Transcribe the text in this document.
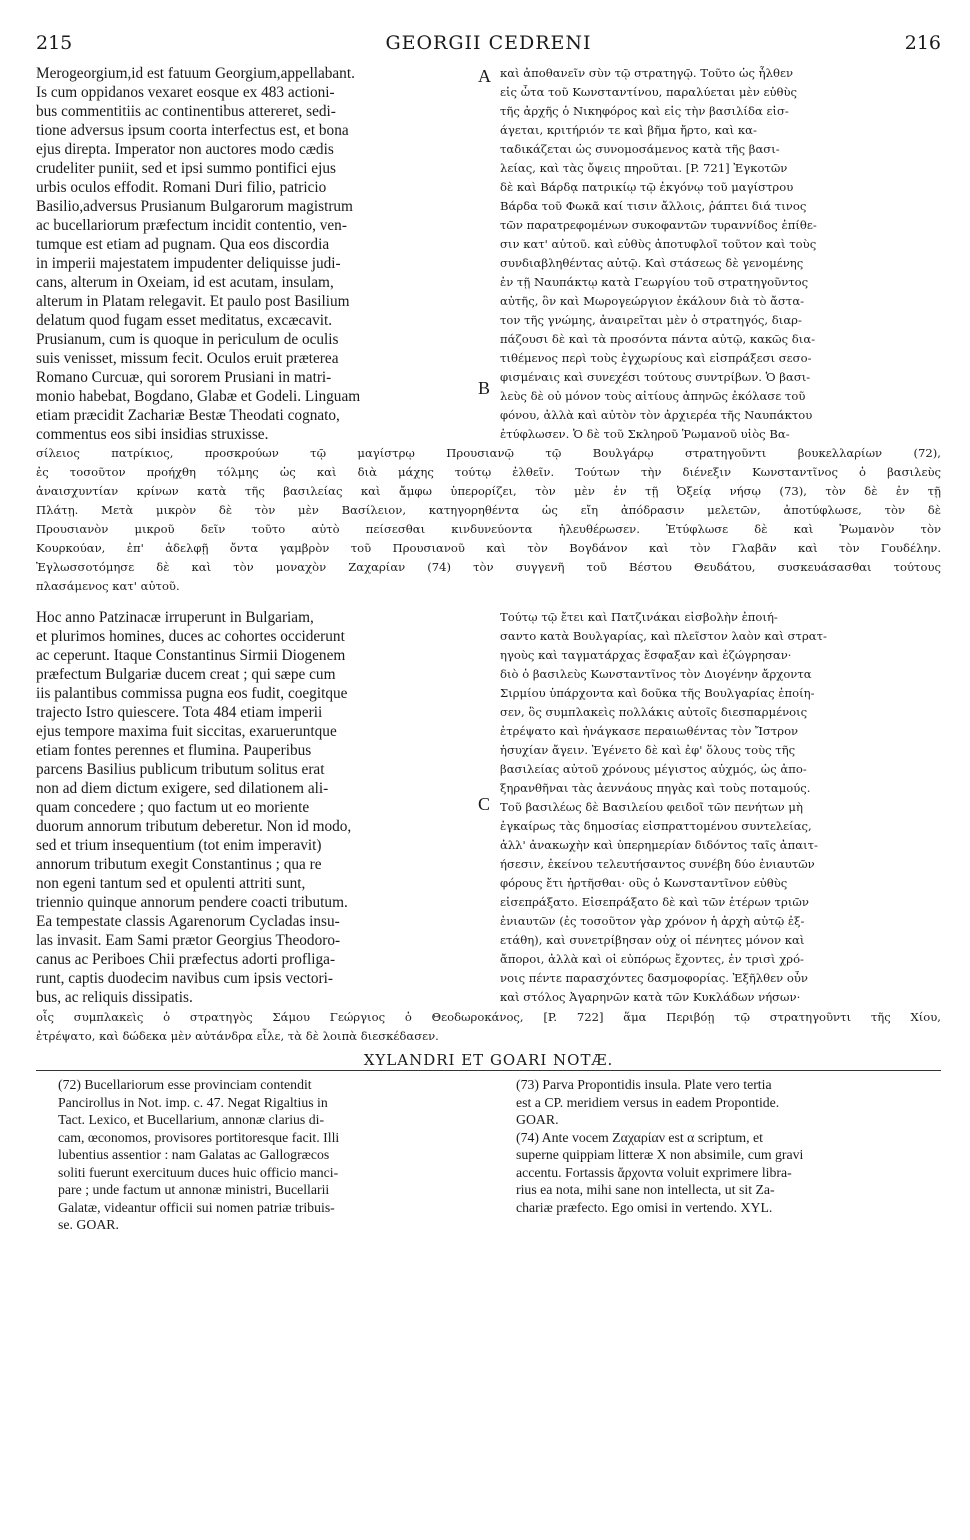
215	GEORGII CEDRENI	216
Merogeorgium,id est fatuum Georgium,appellabant.
Is cum oppidanos vexaret eosque ex 483 actioni-
bus commentitiis ac continentibus attereret, sedi-
tione adversus ipsum coorta interfectus est, et bona
ejus direpta. Imperator non auctores modo cædis
crudeliter puniit, sed et ipsi summo pontifici ejus
urbis oculos effodit. Romani Duri filio, patricio
Basilio,adversus Prusianum Bulgarorum magistrum
ac bucellariorum præfectum incidit contentio, ven-
tumque est etiam ad pugnam. Qua eos discordia
in imperii majestatem impudenter deliquisse judi-
cans, alterum in Oxeiam, id est acutam, insulam,
alterum in Platam relegavit. Et paulo post Basilium
delatum quod fugam esset meditatus, excæcavit.
Prusianum, cum is quoque in periculum de oculis
suis venisset, missum fecit. Oculos eruit præterea
Romano Curcuæ, qui sororem Prusiani in matri-
monio habebat, Bogdano, Glabæ et Godeli. Linguam
etiam præcidit Zachariæ Bestæ Theodati cognato,
commentus eos sibi insidias struxisse.
A καὶ ἀποθανεῖν σὺν τῷ στρατηγῷ. Τοῦτο ὡς ἦλθεν
εἰς ὦτα τοῦ Κωνσταντίνου, παραλύεται μὲν εὐθὺς
τῆς ἀρχῆς ὁ Νικηφόρος καὶ εἰς τὴν βασιλίδα εἰσ-
άγεται, κριτήριόν τε καὶ βῆμα ἤρτο, καὶ κα-
ταδικάζεται ὡς συνομοσάμενος κατὰ τῆς βασι-
λείας, καὶ τὰς ὄψεις πηροῦται. [P. 721] Ἐγκοτῶν
δὲ καὶ Βάρδᾳ πατρικίῳ τῷ ἐκγόνῳ τοῦ μαγίστρου
Βάρδα τοῦ Φωκᾶ καί τισιν ἄλλοις, ῥάπτει διά τινος
τῶν παρατρεφομένων συκοφαντῶν τυραννίδος ἐπίθε-
σιν κατ' αὐτοῦ. καὶ εὐθὺς ἀποτυφλοῖ τοῦτον καὶ τοὺς
συνδιαβληθέντας αὐτῷ. Καὶ στάσεως δὲ γενομένης
ἐν τῇ Ναυπάκτῳ κατὰ Γεωργίου τοῦ στρατηγοῦντος
αὐτῆς, ὃν καὶ Μωρογεώργιον ἐκάλουν διὰ τὸ ἄστα-
τον τῆς γνώμης, ἀναιρεῖται μὲν ὁ στρατηγός, διαρ-
πάζουσι δὲ καὶ τὰ προσόντα πάντα αὐτῷ, κακῶς δια-
τιθέμενος περὶ τοὺς ἐγχωρίους καὶ εἰσπράξεσι σεσο-
φισμέναις καὶ συνεχέσι τούτους συντρίβων. Ὁ βασι-
λεὺς δὲ οὐ μόνον τοὺς αἰτίους ἀπηνῶς ἐκόλασε τοῦ
φόνου, ἀλλὰ καὶ αὐτὸν τὸν ἀρχιερέα τῆς Ναυπάκτου
ἐτύφλωσεν. Ὁ δὲ τοῦ Σκληροῦ Ῥωμανοῦ υἱὸς Βα-
B
σίλειος πατρίκιος, προσκρούων τῷ μαγίστρῳ Προυσιανῷ τῷ Βουλγάρῳ στρατηγοῦντι βουκελλαρίων (72),
ἐς τοσοῦτον προήχθη τόλμης ὡς καὶ διὰ μάχης τούτῳ ἐλθεῖν. Τούτων τὴν διένεξιν Κωνσταντῖνος ὁ βασιλεὺς
ἀναισχυντίαν κρίνων κατὰ τῆς βασιλείας καὶ ἄμφω ὑπερορίζει, τὸν μὲν ἐν τῇ Ὀξείᾳ νήσῳ (73), τὸν δὲ ἐν τῇ
Πλάτῃ. Μετὰ μικρὸν δὲ τὸν μὲν Βασίλειον, κατηγορηθέντα ὡς εἴη ἀπόδρασιν μελετῶν, ἀποτύφλωσε, τὸν δὲ
Προυσιανὸν μικροῦ δεῖν τοῦτο αὐτὸ πείσεσθαι κινδυνεύοντα ἠλευθέρωσεν. Ἐτύφλωσε δὲ καὶ Ῥωμανὸν τὸν
Κουρκούαν, ἐπ' ἀδελφῇ ὄντα γαμβρὸν τοῦ Προυσιανοῦ καὶ τὸν Βογδάνον καὶ τὸν Γλαβᾶν καὶ τὸν Γουδέλην.
Ἐγλωσσοτόμησε δὲ καὶ τὸν μοναχὸν Ζαχαρίαν (74) τὸν συγγενῆ τοῦ Βέστου Θευδάτου, συσκευάσασθαι τούτους
πλασάμενος κατ' αὐτοῦ.
Hoc anno Patzinacæ irruperunt in Bulgariam,
et plurimos homines, duces ac cohortes occiderunt
ac ceperunt. Itaque Constantinus Sirmii Diogenem
præfectum Bulgariæ ducem creat ; qui sæpe cum
iis palantibus commissa pugna eos fudit, coegitque
trajecto Istro quiescere. Tota 484 etiam imperii
ejus tempore maxima fuit siccitas, exarueruntque
etiam fontes perennes et flumina. Pauperibus
parcens Basilius publicum tributum solitus erat
non ad diem dictum exigere, sed dilationem ali-
quam concedere ; quo factum ut eo moriente
duorum annorum tributum deberetur. Non id modo,
sed et trium insequentium (tot enim imperavit)
annorum tributum exegit Constantinus ; qua re
non egeni tantum sed et opulenti attriti sunt,
triennio quinque annorum pendere coacti tributum.
Ea tempestate classis Agarenorum Cycladas insu-
las invasit. Eam Sami prætor Georgius Theodoro-
canus ac Periboes Chii præfectus adorti profliga-
runt, captis duodecim navibus cum ipsis vectori-
bus, ac reliquis dissipatis.
C
Τούτῳ τῷ ἔτει καὶ Πατζινάκαι εἰσβολὴν ἐποιή-
σαντο κατὰ Βουλγαρίας, καὶ πλεῖστον λαὸν καὶ στρατ-
ηγοὺς καὶ ταγματάρχας ἔσφαξαν καὶ ἐζώγρησαν·
διὸ ὁ βασιλεὺς Κωνσταντῖνος τὸν Διογένην ἄρχοντα
Σιρμίου ὑπάρχοντα καὶ δοῦκα τῆς Βουλγαρίας ἐποίη-
σεν, ὃς συμπλακεὶς πολλάκις αὐτοῖς διεσπαρμένοις
ἐτρέψατο καὶ ἠνάγκασε περαιωθέντας τὸν Ἴστρον
ἡσυχίαν ἄγειν. Ἐγένετο δὲ καὶ ἐφ' ὅλους τοὺς τῆς
βασιλείας αὐτοῦ χρόνους μέγιστος αὐχμός, ὡς ἀπο-
ξηρανθῆναι τὰς ἀεννάους πηγὰς καὶ τοὺς ποταμούς.
Τοῦ βασιλέως δὲ Βασιλείου φειδοῖ τῶν πενήτων μὴ
ἐγκαίρως τὰς δημοσίας εἰσπραττομένου συντελείας,
ἀλλ' ἀνακωχὴν καὶ ὑπερημερίαν διδόντος ταῖς ἀπαιτ-
ήσεσιν, ἐκείνου τελευτήσαντος συνέβη δύο ἐνιαυτῶν
φόρους ἔτι ἠρτῆσθαι· οὓς ὁ Κωνσταντῖνον εὐθὺς
εἰσεπράξατο. Εἰσεπράξατο δὲ καὶ τῶν ἑτέρων τριῶν
ἐνιαυτῶν (ἐς τοσοῦτον γὰρ χρόνον ἡ ἀρχὴ αὐτῷ ἐξ-
ετάθη), καὶ συνετρίβησαν οὐχ οἱ πένητες μόνον καὶ
ἄποροι, ἀλλὰ καὶ οἱ εὐπόρως ἔχοντες, ἐν τρισὶ χρό-
νοις πέντε παρασχόντες δασμοφορίας. Ἐξῆλθεν οὖν
καὶ στόλος Ἀγαρηνῶν κατὰ τῶν Κυκλάδων νήσων·
οἷς συμπλακεὶς ὁ στρατηγὸς Σάμου Γεώργιος ὁ Θεοδωροκάνος, [P. 722] ἅμα Περιβόῃ τῷ στρατηγοῦντι τῆς Χίου,
ἐτρέψατο, καὶ δώδεκα μὲν αὐτάνδρα εἷλε, τὰ δὲ λοιπὰ διεσκέδασεν.
XYLANDRI ET GOARI NOTÆ.
(72) Bucellariorum esse provinciam contendit
Pancirollus in Not. imp. c. 47. Negat Rigaltius in
Tact. Lexico, et Bucellarium, annonæ clarius di-
cam, œconomos, provisores portitoresque facit. Illi
lubentius assentior : nam Galatas ac Gallogræcos
soliti fuerunt exercituum duces huic officio manci-
pare ; unde factum ut annonæ ministri, Bucellarii
Galatæ, videantur officii sui nomen patriæ tribuis-
se. GOAR.
(73) Parva Propontidis insula. Plate vero tertia
est a CP. meridiem versus in eadem Propontide.
GOAR.
(74) Ante vocem Ζαχαρίαν est α scriptum, et
superne quippiam litteræ X non absimile, cum gravi
accentu. Fortassis ἄρχοντα voluit exprimere libra-
rius ea nota, mihi sane non intellecta, ut sit Za-
chariæ præfecto. Ego omisi in vertendo. XYL.
